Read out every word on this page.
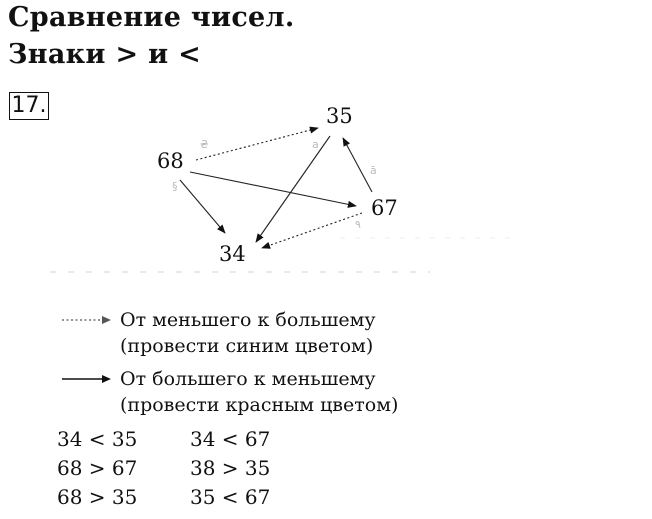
Сравнение чисел.
Знаки > и <
17.
₴
§
a
ā
٩
35
68
67
34
От меньшего к большему
(провести синим цветом)
От большего к меньшему
(провести красным цветом)
34 < 35	34 < 67
68 > 67	38 > 35
68 > 35	35 < 67
